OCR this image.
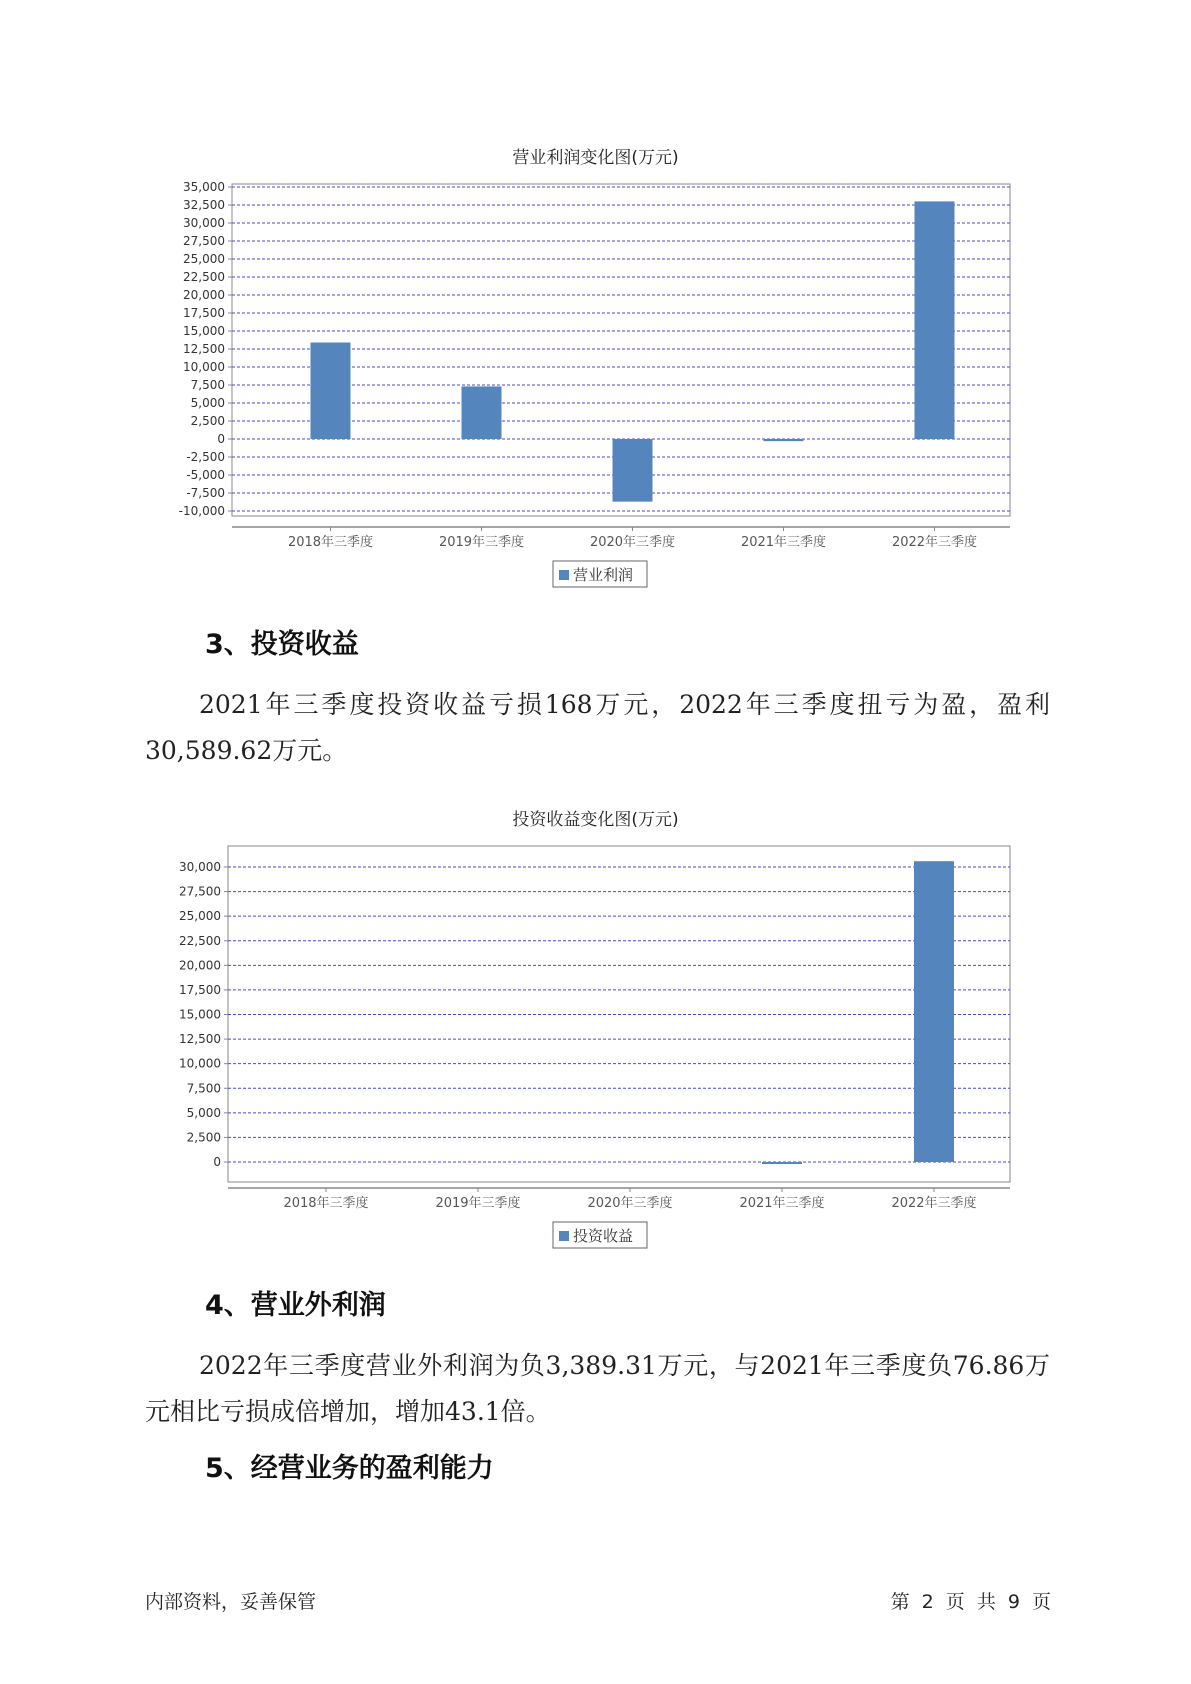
营业利润变化图(万元)
35,000
32,500
30,000
27,500
25,000
22,500
20,000
17,500
15,000
12,500
10,000
7,500
5,000
2,500
0
-2,500
-5,000
-7,500
-10,000
2018年三季度	2019年三季度	2020年三季度	2021年三季度	2022年三季度
营业利润
3、投资收益

2021年三季度投资收益亏损168万元，2022年三季度扭亏为盈，盈利30,589.62万元。

投资收益变化图(万元)
30,000
27,500
25,000
22,500
20,000
17,500
15,000
12,500
10,000
7,500
5,000
2,500
0
2018年三季度	2019年三季度	2020年三季度	2021年三季度	2022年三季度
投资收益
4、营业外利润

2022年三季度营业外利润为负3,389.31万元，与2021年三季度负76.86万元相比亏损成倍增加，增加43.1倍。

5、经营业务的盈利能力
内部资料，妥善保管	第 2 页 共 9 页
